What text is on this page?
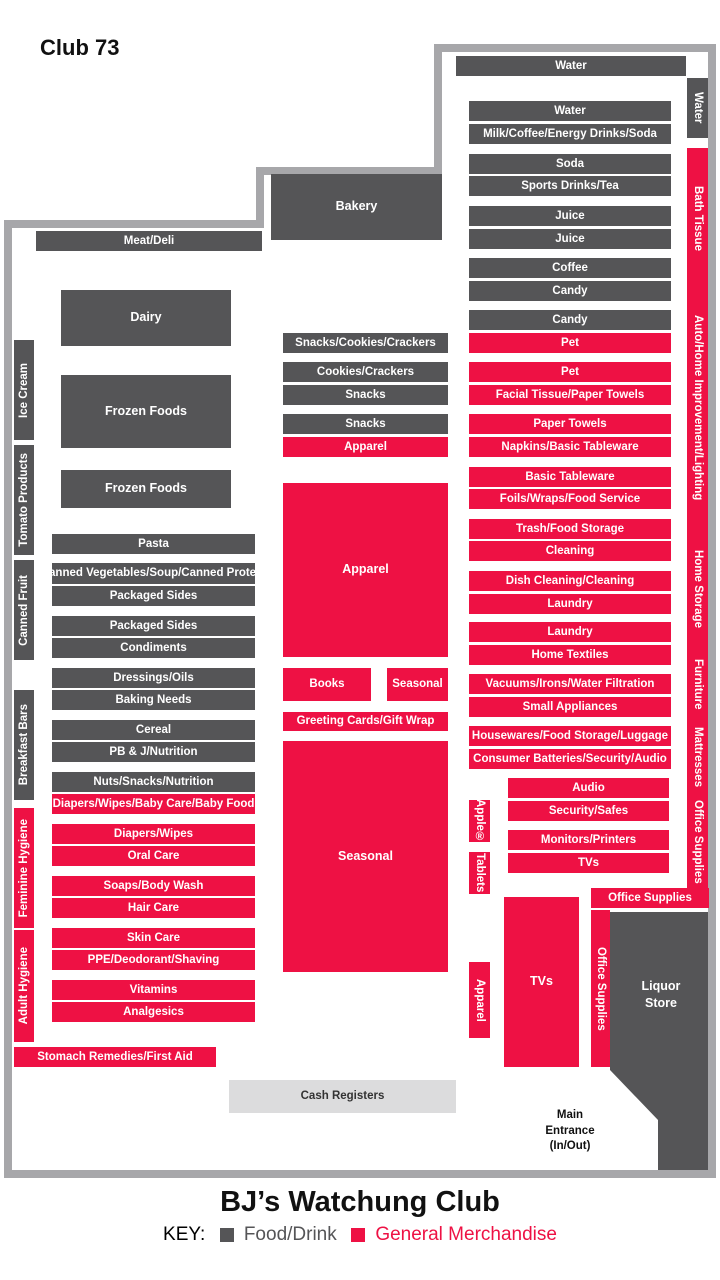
Club 73
Water
Water
Bakery
Meat/Deli
Ice Cream
Tomato Products
Canned Fruit
Breakfast Bars
Feminine Hygiene
Adult Hygiene
Stomach Remedies/First Aid
Dairy
Frozen Foods
Frozen Foods
Pasta
Canned Vegetables/Soup/Canned Protein
Packaged Sides
Packaged Sides
Condiments
Dressings/Oils
Baking Needs
Cereal
PB & J/Nutrition
Nuts/Snacks/Nutrition
Diapers/Wipes/Baby Care/Baby Food
Diapers/Wipes
Oral Care
Soaps/Body Wash
Hair Care
Skin Care
PPE/Deodorant/Shaving
Vitamins
Analgesics
Snacks/Cookies/Crackers
Cookies/Crackers
Snacks
Snacks
Apparel
Apparel
Books	Seasonal
Greeting Cards/Gift Wrap
Seasonal
Milk/Coffee/Energy Drinks/Soda
Soda
Sports Drinks/Tea
Juice
Juice
Coffee
Candy
Candy
Pet
Pet
Facial Tissue/Paper Towels
Paper Towels
Napkins/Basic Tableware
Basic Tableware
Foils/Wraps/Food Service
Trash/Food Storage
Cleaning
Dish Cleaning/Cleaning
Laundry
Laundry
Home Textiles
Vacuums/Irons/Water Filtration
Small Appliances
Housewares/Food Storage/Luggage
Consumer Batteries/Security/Audio
Audio
Security/Safes
Monitors/Printers
TVs
Apple®
Tablets
Apparel	TVs	Office Supplies
Office Supplies
Liquor Store
Water
Bath Tissue
Auto/Home Improvement/Lighting
Home Storage
Furniture
Mattresses
Office Supplies
Cash Registers
Main Entrance (In/Out)
BJ’s Watchung Club
KEY: Food/Drink General Merchandise
